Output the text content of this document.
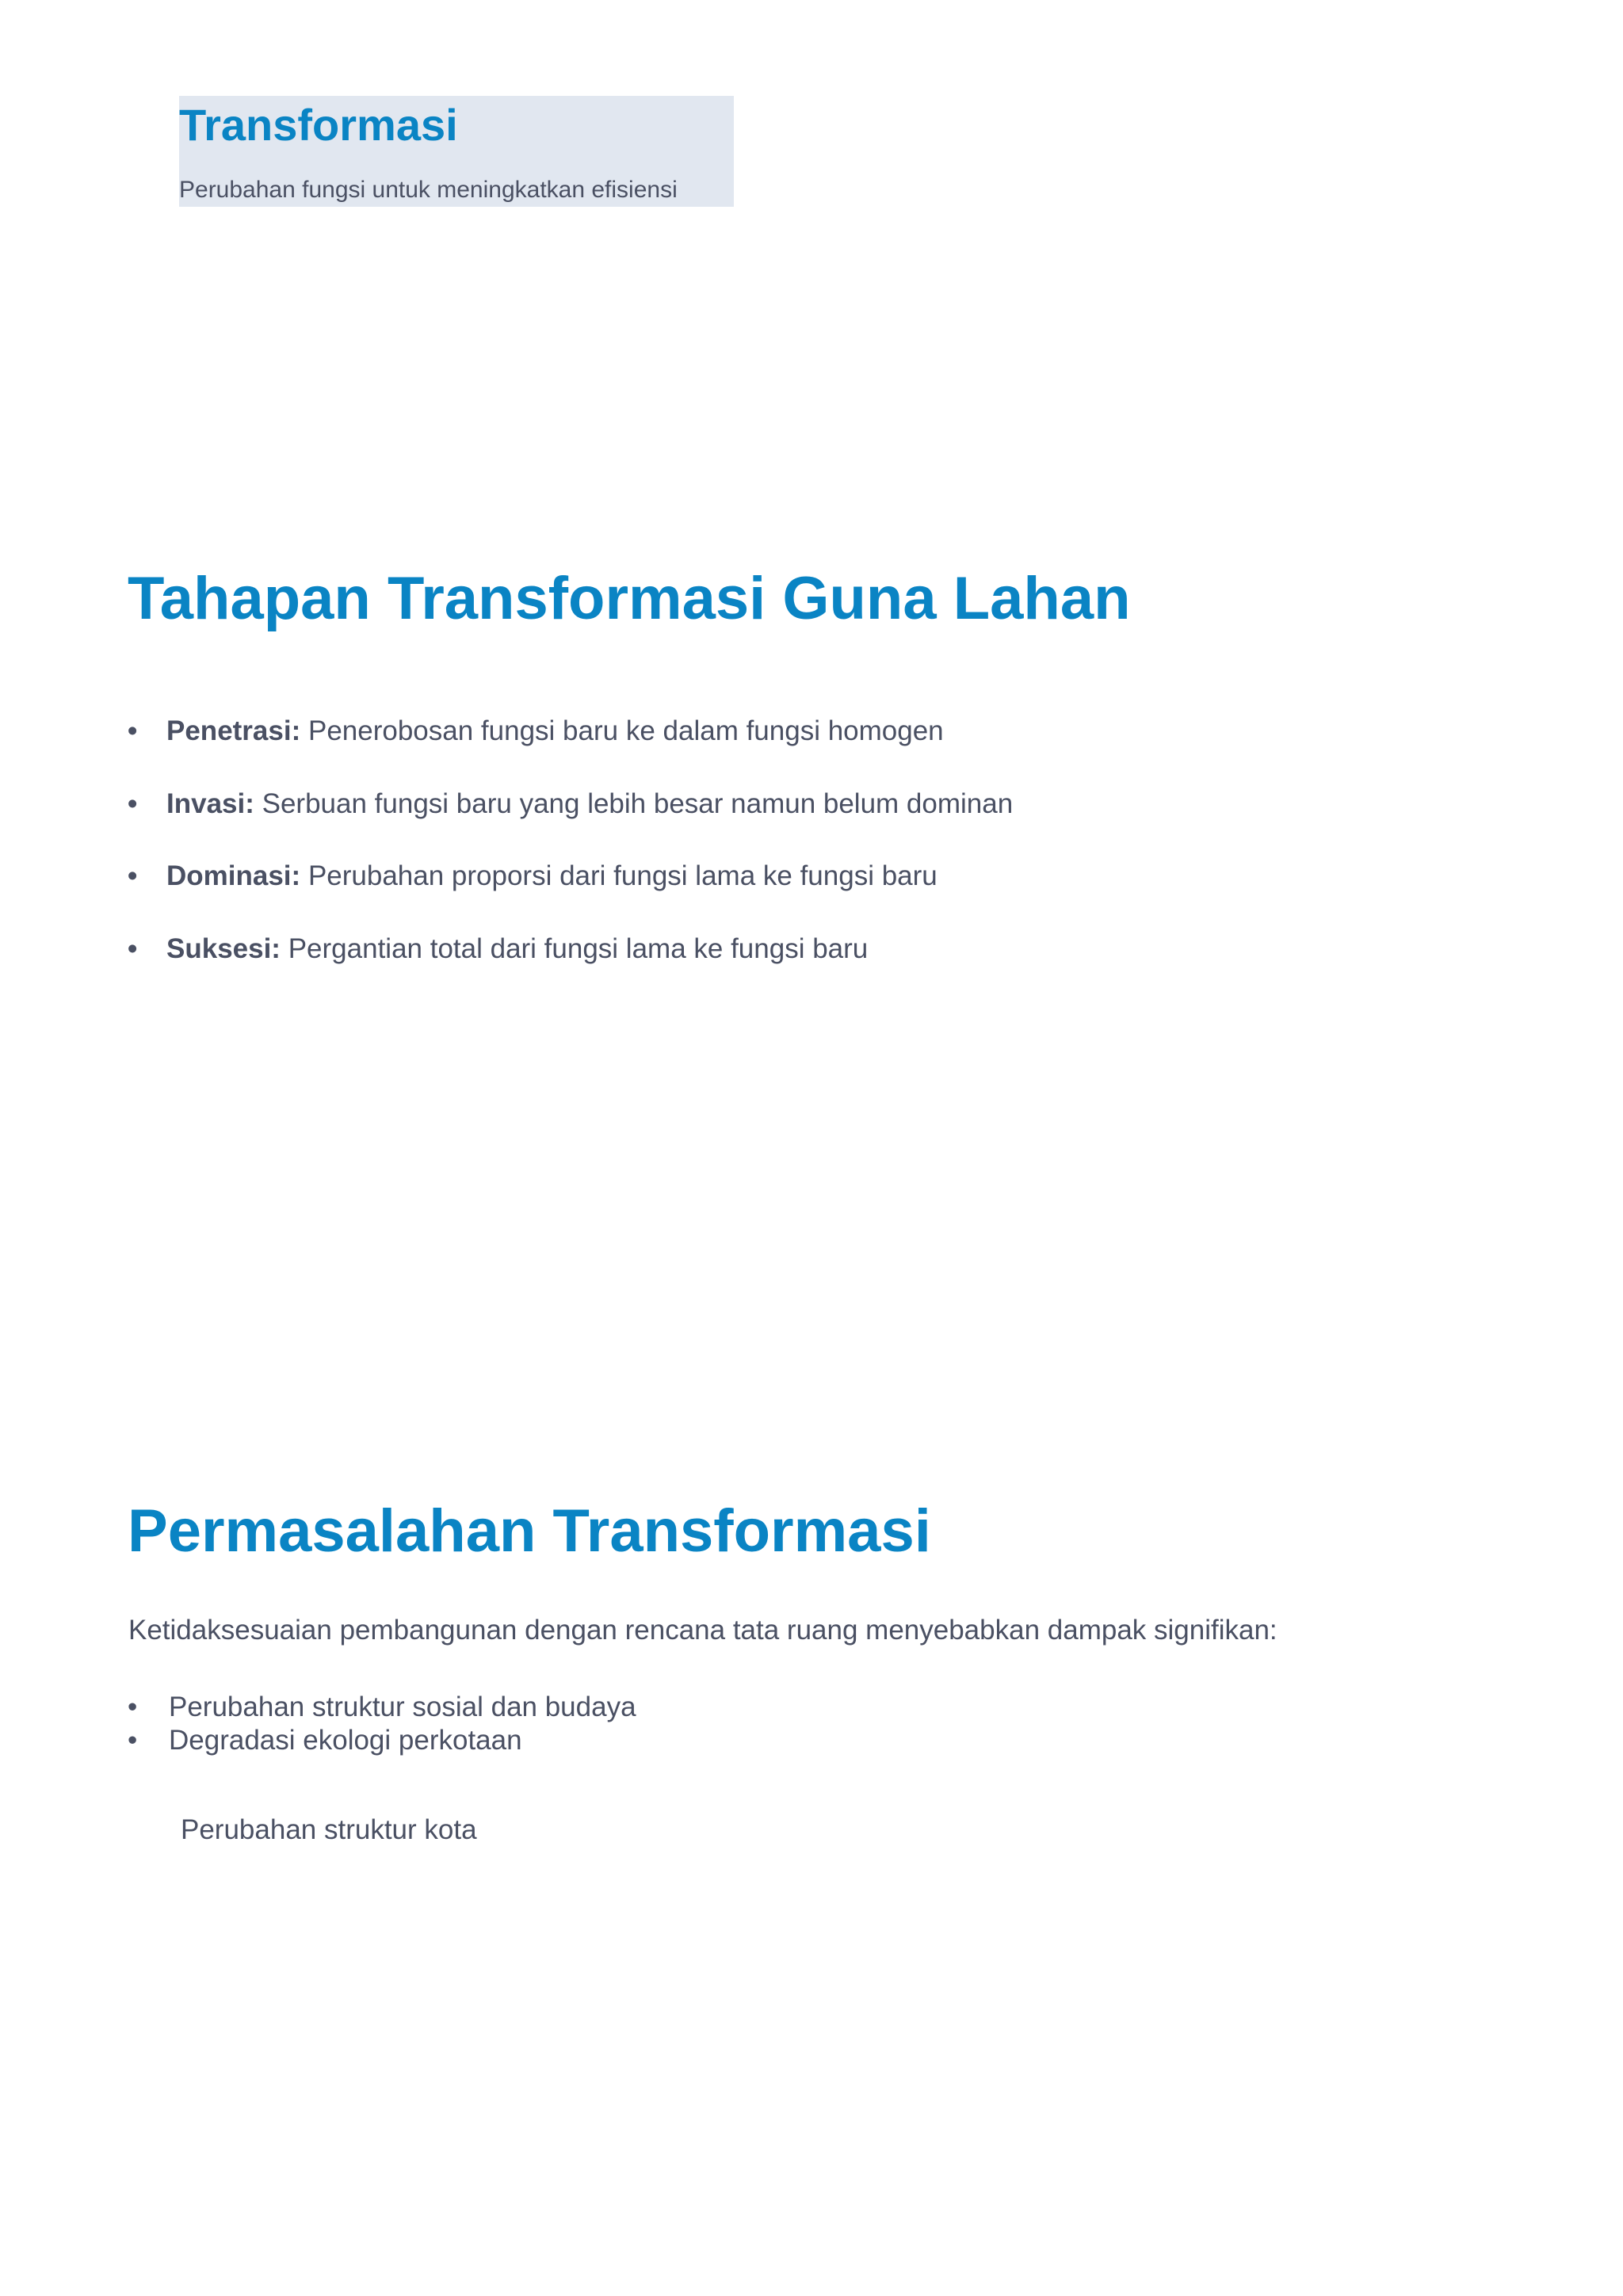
Transformasi

Perubahan fungsi untuk meningkatkan efisiensi

Tahapan Transformasi Guna Lahan
• Penetrasi: Penerobosan fungsi baru ke dalam fungsi homogen
• Invasi: Serbuan fungsi baru yang lebih besar namun belum dominan
• Dominasi: Perubahan proporsi dari fungsi lama ke fungsi baru
• Suksesi: Pergantian total dari fungsi lama ke fungsi baru
Permasalahan Transformasi

Ketidaksesuaian pembangunan dengan rencana tata ruang menyebabkan dampak signifikan:

• Perubahan struktur sosial dan budaya
• Degradasi ekologi perkotaan

Perubahan struktur kota
